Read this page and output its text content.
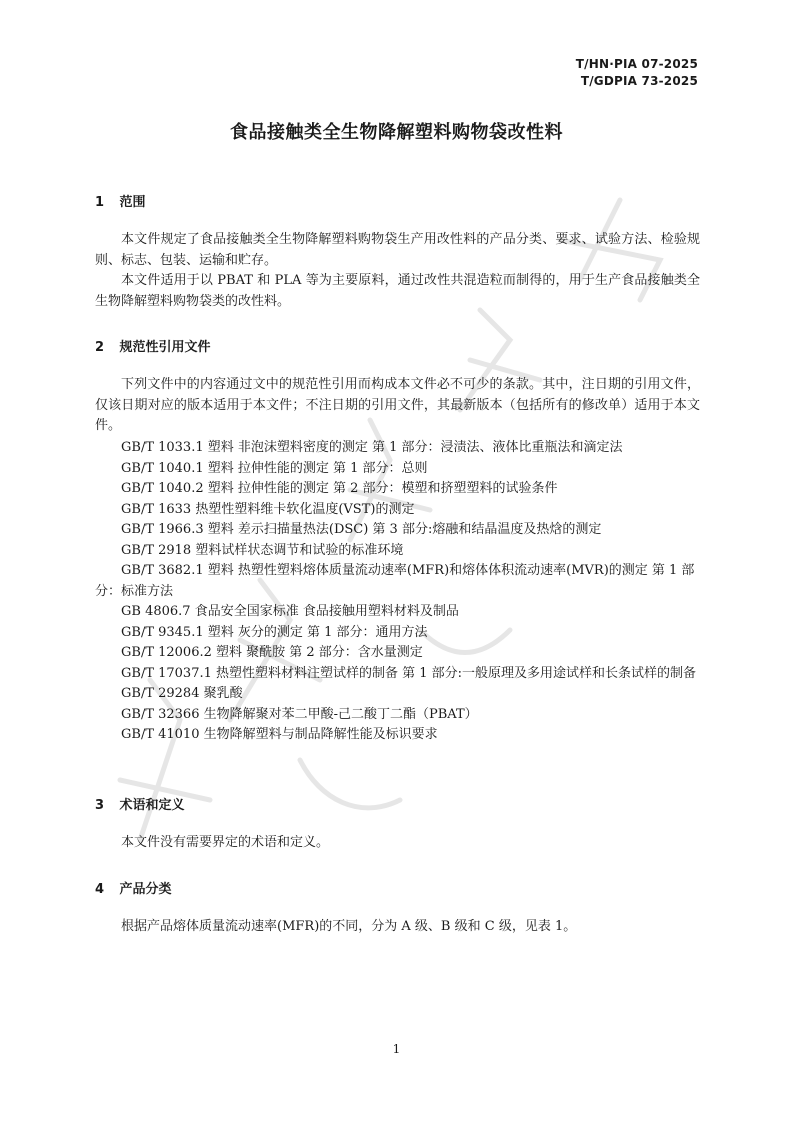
T/HN·PIA 07-2025
T/GDPIA 73-2025
食品接触类全生物降解塑料购物袋改性料
1 范围
本文件规定了食品接触类全生物降解塑料购物袋生产用改性料的产品分类、要求、试验方法、检验规则、标志、包装、运输和贮存。
本文件适用于以 PBAT 和 PLA 等为主要原料，通过改性共混造粒而制得的，用于生产食品接触类全生物降解塑料购物袋类的改性料。
2 规范性引用文件
下列文件中的内容通过文中的规范性引用而构成本文件必不可少的条款。其中，注日期的引用文件，仅该日期对应的版本适用于本文件；不注日期的引用文件，其最新版本（包括所有的修改单）适用于本文件。
GB/T 1033.1 塑料 非泡沫塑料密度的测定 第 1 部分：浸渍法、液体比重瓶法和滴定法
GB/T 1040.1 塑料 拉伸性能的测定 第 1 部分：总则
GB/T 1040.2 塑料 拉伸性能的测定 第 2 部分：模塑和挤塑塑料的试验条件
GB/T 1633 热塑性塑料维卡软化温度(VST)的测定
GB/T 1966.3 塑料 差示扫描量热法(DSC) 第 3 部分:熔融和结晶温度及热焓的测定
GB/T 2918 塑料试样状态调节和试验的标准环境
GB/T 3682.1 塑料 热塑性塑料熔体质量流动速率(MFR)和熔体体积流动速率(MVR)的测定 第 1 部分：标准方法
GB 4806.7 食品安全国家标准 食品接触用塑料材料及制品
GB/T 9345.1 塑料 灰分的测定 第 1 部分：通用方法
GB/T 12006.2 塑料 聚酰胺 第 2 部分：含水量测定
GB/T 17037.1 热塑性塑料材料注塑试样的制备 第 1 部分:一般原理及多用途试样和长条试样的制备
GB/T 29284 聚乳酸
GB/T 32366 生物降解聚对苯二甲酸-己二酸丁二酯（PBAT）
GB/T 41010 生物降解塑料与制品降解性能及标识要求
3 术语和定义
本文件没有需要界定的术语和定义。
4 产品分类
根据产品熔体质量流动速率(MFR)的不同，分为 A 级、B 级和 C 级，见表 1。
1
